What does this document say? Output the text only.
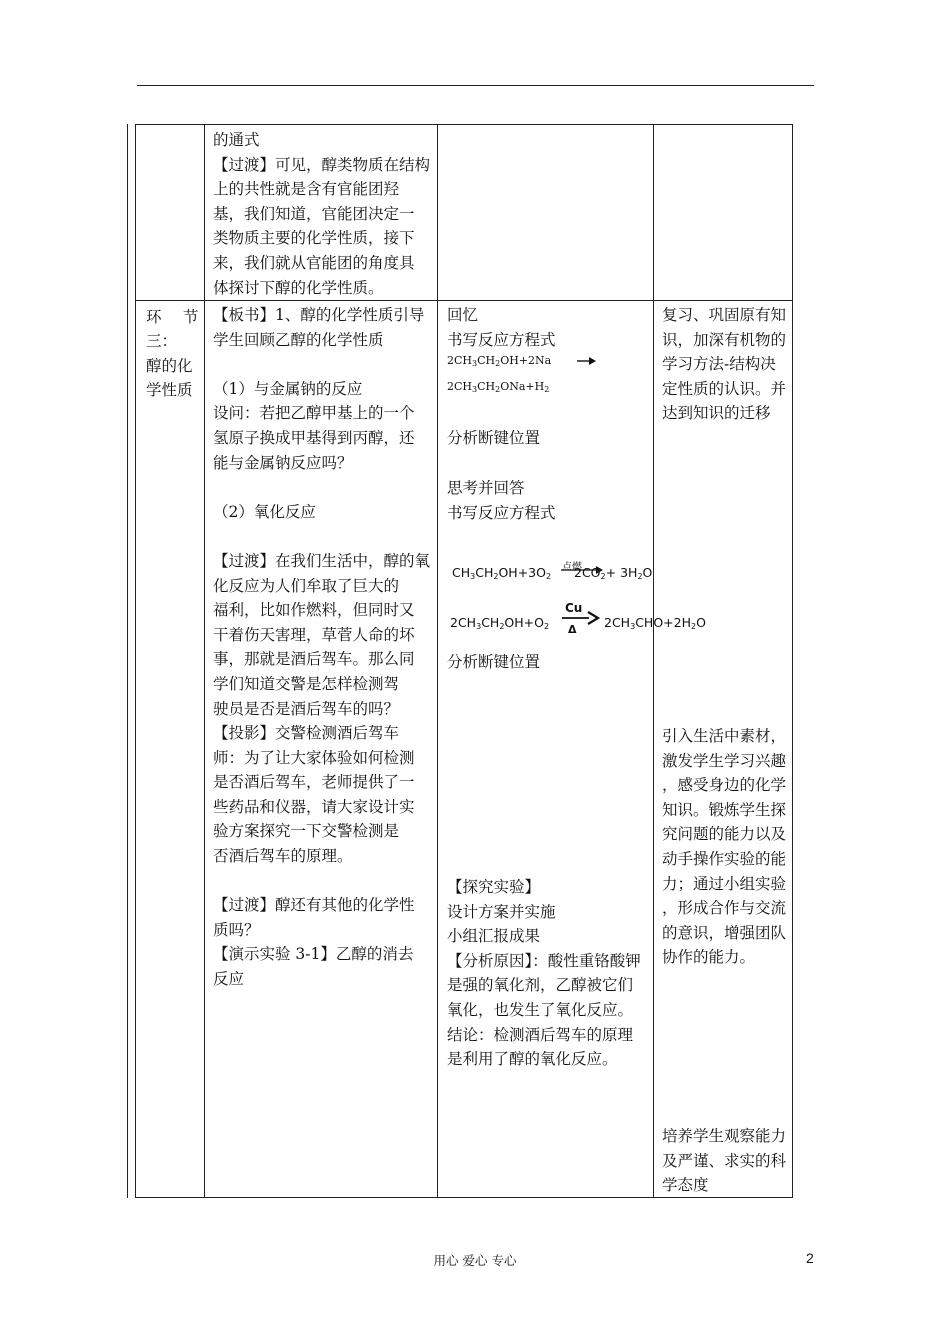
的通式
【过渡】可见，醇类物质在结构
上的共性就是含有官能团羟
基，我们知道，官能团决定一
类物质主要的化学性质，接下
来，我们就从官能团的角度具
体探讨下醇的化学性质。
环 节
三：
醇的化
学性质
【板书】1、醇的化学性质引导
学生回顾乙醇的化学性质
（1）与金属钠的反应
设问：若把乙醇甲基上的一个
氢原子换成甲基得到丙醇，还
能与金属钠反应吗？
（2）氧化反应
【过渡】在我们生活中，醇的氧
化反应为人们牟取了巨大的
福利，比如作燃料，但同时又
干着伤天害理，草菅人命的坏
事，那就是酒后驾车。那么同
学们知道交警是怎样检测驾
驶员是否是酒后驾车的吗？
【投影】交警检测酒后驾车
师：为了让大家体验如何检测
是否酒后驾车，老师提供了一
些药品和仪器，请大家设计实
验方案探究一下交警检测是
否酒后驾车的原理。
【过渡】醇还有其他的化学性
质吗？
【演示实验 3-1】乙醇的消去
反应
回忆
书写反应方程式
$2CH_3CH_2OH+2Na$ →
$2CH_3CH_2ONa+H_2$
分析断键位置
思考并回答
书写反应方程式
点燃
$CH_3CH_2OH+3O_2$ $2CO_2+ 3H_2O$
$2CH_3CH_2OH+O_2$
Cu
Δ $2CH_3CHO+2H_2O$
分析断键位置
【探究实验】
设计方案并实施
小组汇报成果
【分析原因】：酸性重铬酸钾
是强的氧化剂，乙醇被它们
氧化，也发生了氧化反应。
结论：检测酒后驾车的原理
是利用了醇的氧化反应。
复习、巩固原有知
识，加深有机物的
学习方法-结构决
定性质的认识。并
达到知识的迁移
引入生活中素材，
激发学生学习兴趣
，感受身边的化学
知识。锻炼学生探
究问题的能力以及
动手操作实验的能
力；通过小组实验
，形成合作与交流
的意识，增强团队
协作的能力。
培养学生观察能力
及严谨、求实的科
学态度
用心 爱心 专心	2
